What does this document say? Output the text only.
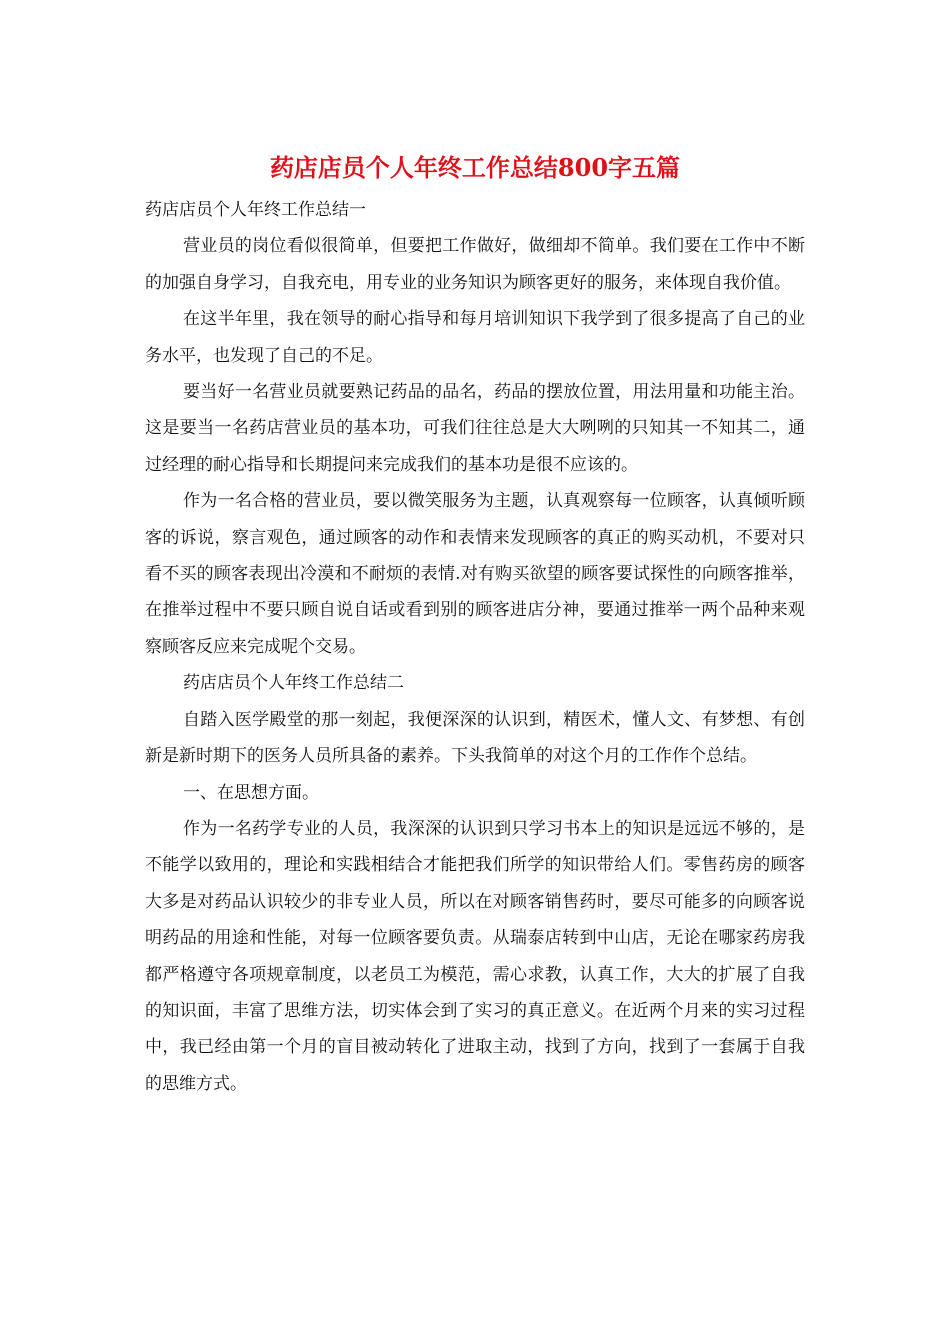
药店店员个人年终工作总结800字五篇

药店店员个人年终工作总结一

营业员的岗位看似很简单，但要把工作做好，做细却不简单。我们要在工作中不断的加强自身学习，自我充电，用专业的业务知识为顾客更好的服务，来体现自我价值。

在这半年里，我在领导的耐心指导和每月培训知识下我学到了很多提高了自己的业务水平，也发现了自己的不足。

要当好一名营业员就要熟记药品的品名，药品的摆放位置，用法用量和功能主治。这是要当一名药店营业员的基本功，可我们往往总是大大咧咧的只知其一不知其二，通过经理的耐心指导和长期提问来完成我们的基本功是很不应该的。

作为一名合格的营业员，要以微笑服务为主题，认真观察每一位顾客，认真倾听顾客的诉说，察言观色，通过顾客的动作和表情来发现顾客的真正的购买动机，不要对只看不买的顾客表现出冷漠和不耐烦的表情.对有购买欲望的顾客要试探性的向顾客推举，在推举过程中不要只顾自说自话或看到别的顾客进店分神，要通过推举一两个品种来观察顾客反应来完成呢个交易。

药店店员个人年终工作总结二

自踏入医学殿堂的那一刻起，我便深深的认识到，精医术，懂人文、有梦想、有创新是新时期下的医务人员所具备的素养。下头我简单的对这个月的工作作个总结。

一、在思想方面。

作为一名药学专业的人员，我深深的认识到只学习书本上的知识是远远不够的，是不能学以致用的，理论和实践相结合才能把我们所学的知识带给人们。零售药房的顾客大多是对药品认识较少的非专业人员，所以在对顾客销售药时，要尽可能多的向顾客说明药品的用途和性能，对每一位顾客要负责。从瑞泰店转到中山店，无论在哪家药房我都严格遵守各项规章制度，以老员工为模范，需心求教，认真工作，大大的扩展了自我的知识面，丰富了思维方法，切实体会到了实习的真正意义。在近两个月来的实习过程中，我已经由第一个月的盲目被动转化了进取主动，找到了方向，找到了一套属于自我的思维方式。
